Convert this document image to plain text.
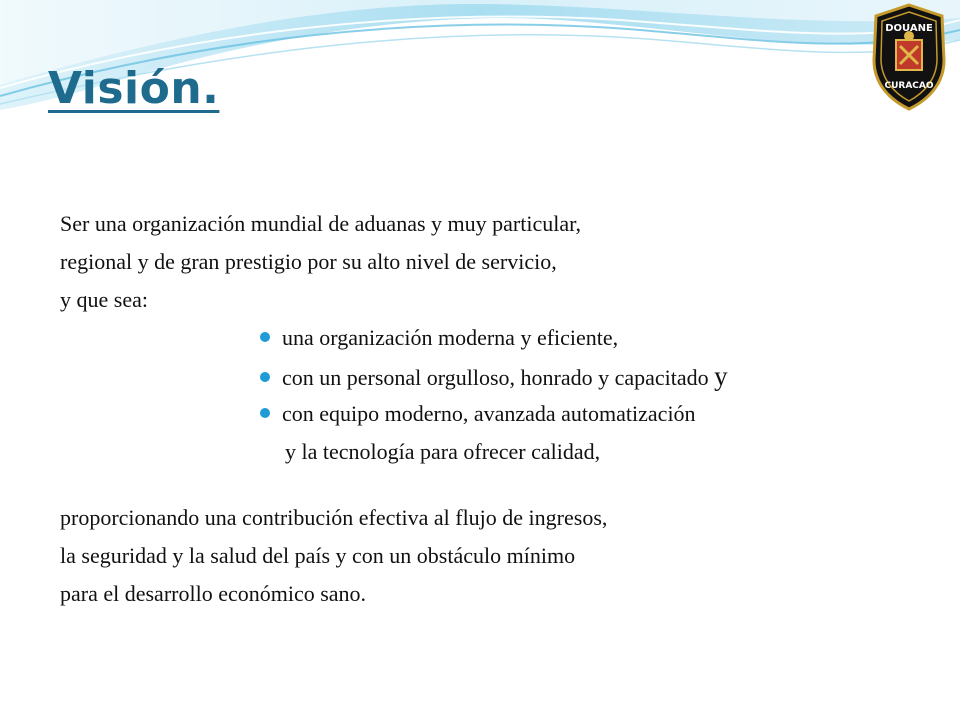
Visión.
DOUANE
CURACAO
Ser una organización mundial de aduanas y muy particular,
regional y de gran prestigio por su alto nivel de servicio,
y que sea:
una organización moderna y eficiente,
con un personal orgulloso, honrado y capacitado y
con equipo moderno, avanzada automatización
y la tecnología para ofrecer calidad,
proporcionando una contribución efectiva al flujo de ingresos,
la seguridad y la salud del país y con un obstáculo mínimo
para el desarrollo económico sano.
